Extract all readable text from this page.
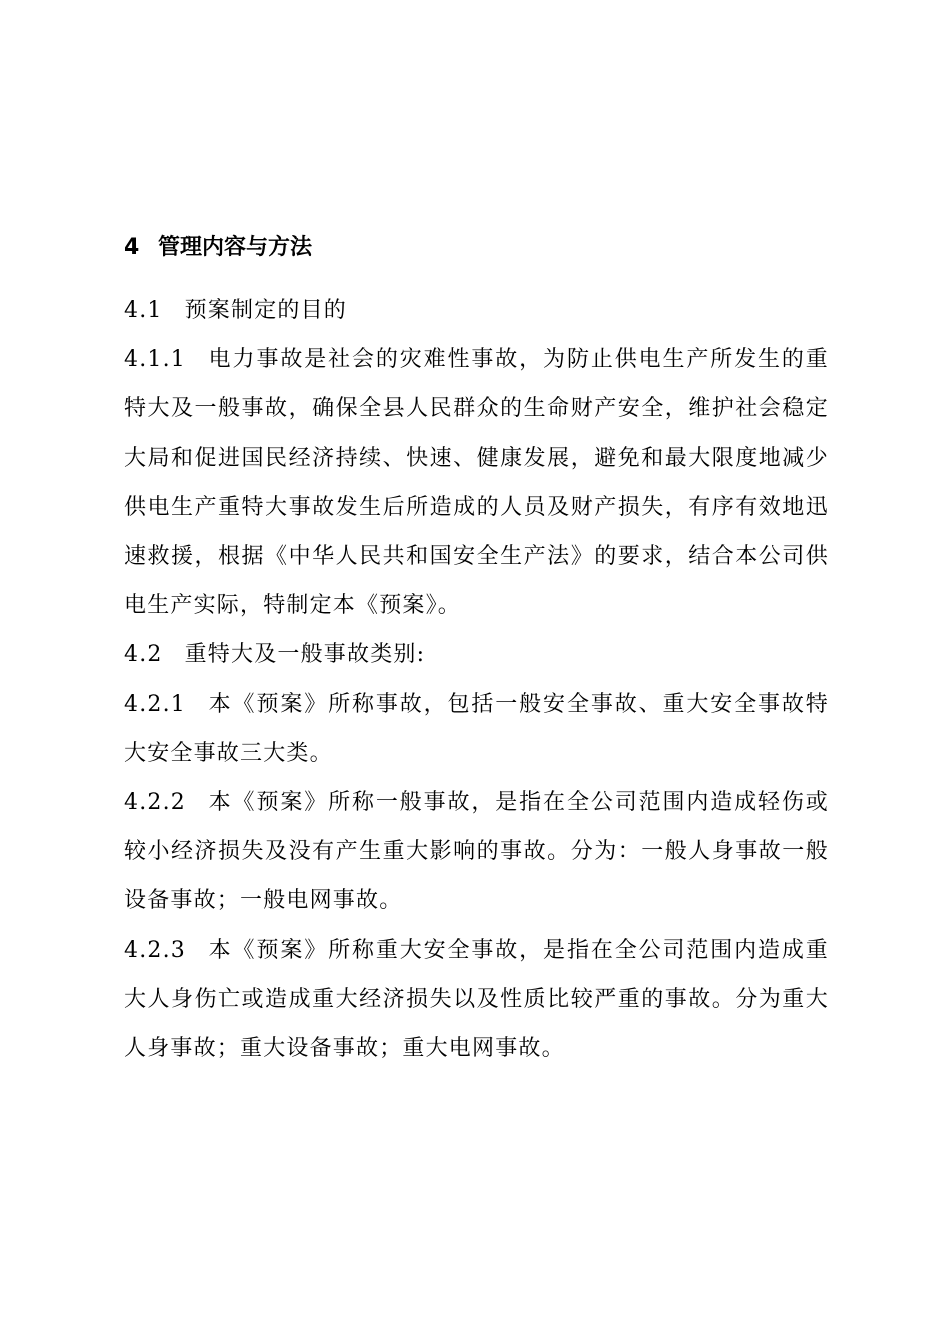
4 管理内容与方法

4.1 预案制定的目的

4.1.1 电力事故是社会的灾难性事故，为防止供电生产所发生的重特大及一般事故，确保全县人民群众的生命财产安全，维护社会稳定大局和促进国民经济持续、快速、健康发展，避免和最大限度地减少供电生产重特大事故发生后所造成的人员及财产损失，有序有效地迅速救援，根据《中华人民共和国安全生产法》的要求，结合本公司供电生产实际，特制定本《预案》。

4.2 重特大及一般事故类别:

4.2.1 本《预案》所称事故，包括一般安全事故、重大安全事故特大安全事故三大类。

4.2.2 本《预案》所称一般事故，是指在全公司范围内造成轻伤或较小经济损失及没有产生重大影响的事故。分为：一般人身事故一般设备事故；一般电网事故。

4.2.3 本《预案》所称重大安全事故，是指在全公司范围内造成重大人身伤亡或造成重大经济损失以及性质比较严重的事故。分为重大人身事故；重大设备事故；重大电网事故。
